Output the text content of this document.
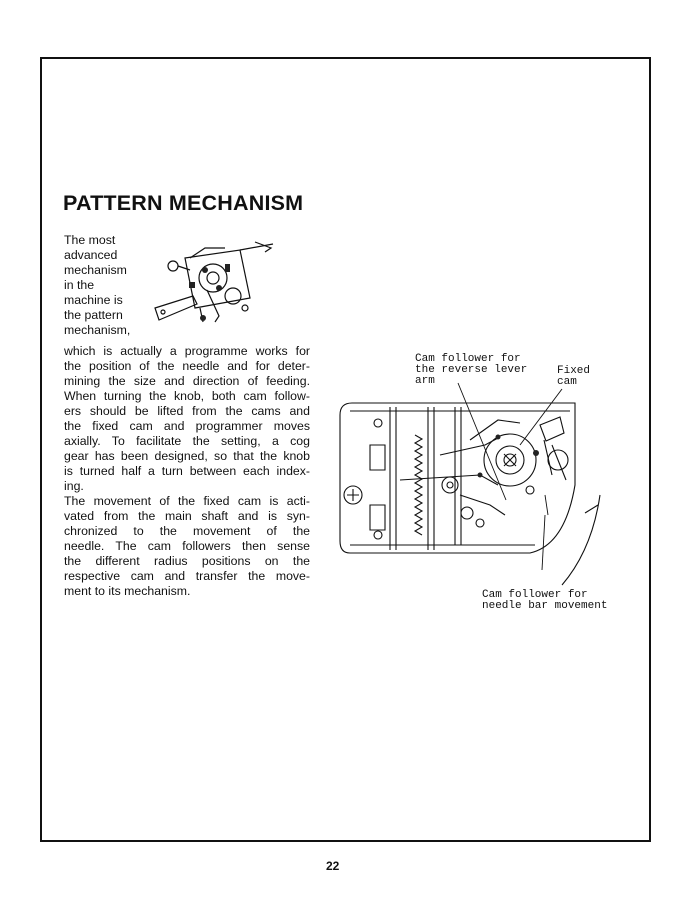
PATTERN MECHANISM
The most
advanced
mechanism
in the
machine is
the pattern
mechanism,
which is actually a programme works for
the position of the needle and for deter-
mining the size and direction of feeding.
When turning the knob, both cam follow-
ers should be lifted from the cams and
the fixed cam and programmer moves
axially. To facilitate the setting, a cog
gear has been designed, so that the knob
is turned half a turn between each index-
ing.
The movement of the fixed cam is acti-
vated from the main shaft and is syn-
chronized to the movement of the
needle. The cam followers then sense
the different radius positions on the
respective cam and transfer the move-
ment to its mechanism.
Cam follower for
the reverse lever
arm
Fixed
cam
Cam follower for
needle bar movement
22
